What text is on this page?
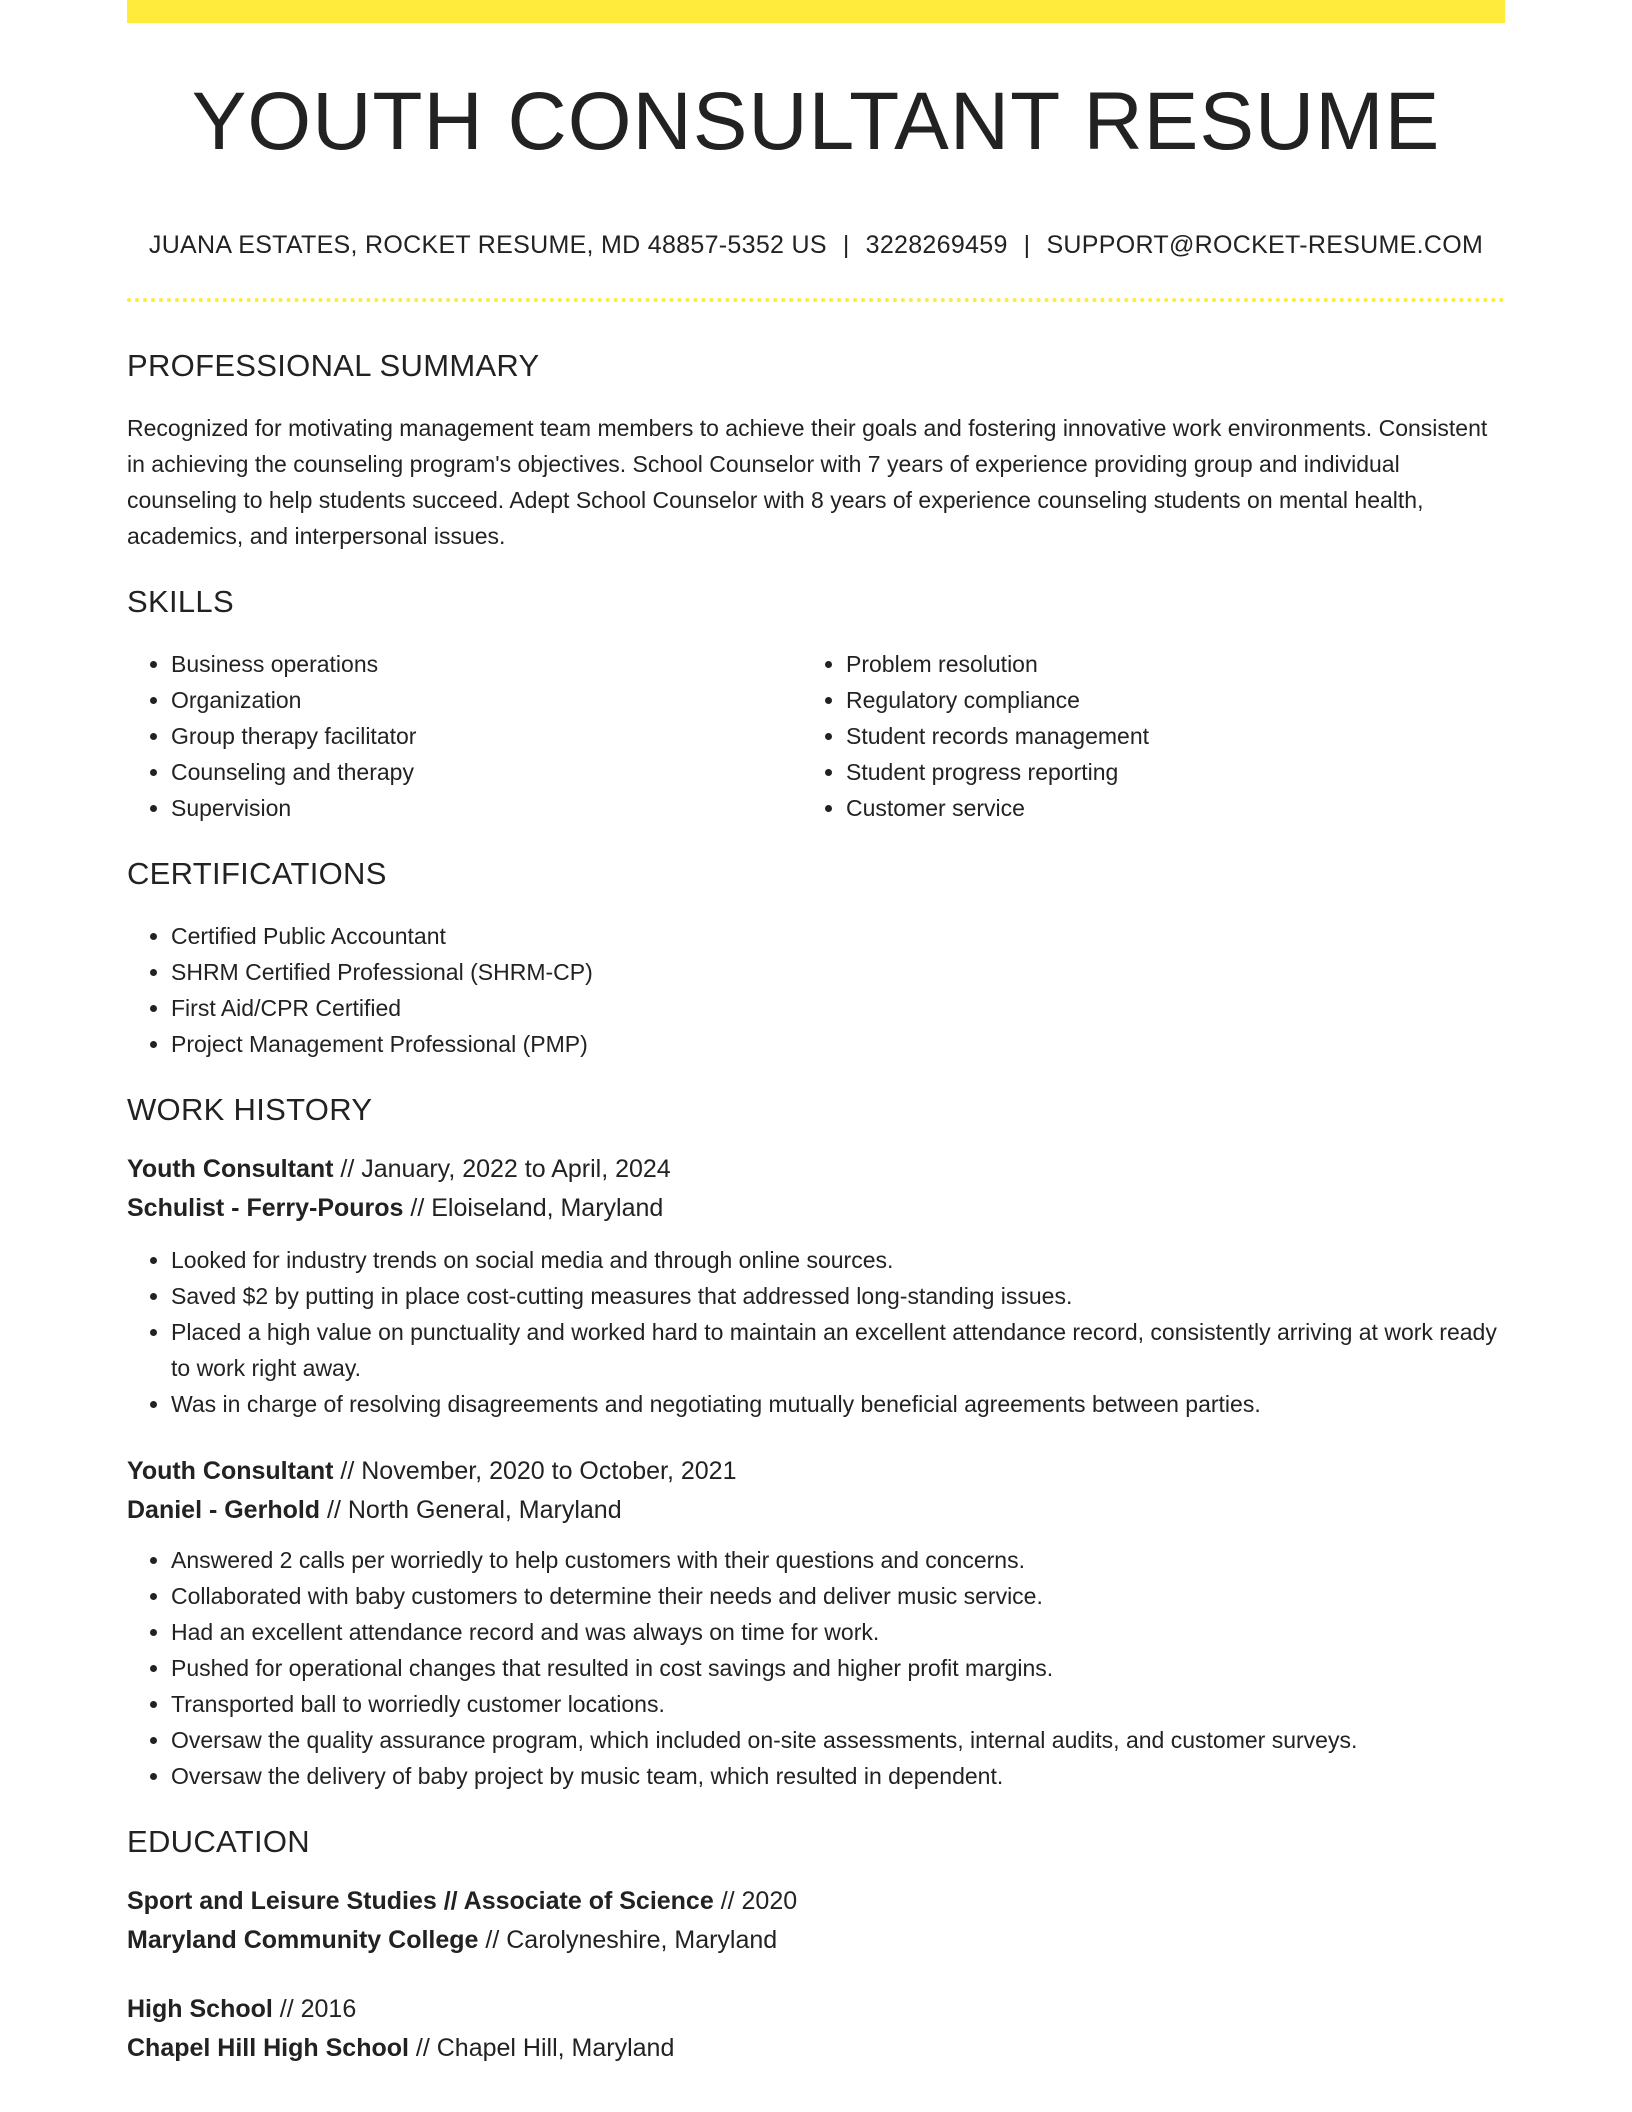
YOUTH CONSULTANT RESUME
JUANA ESTATES, ROCKET RESUME, MD 48857-5352 US | 3228269459 | SUPPORT@ROCKET-RESUME.COM
PROFESSIONAL SUMMARY

Recognized for motivating management team members to achieve their goals and fostering innovative work environments. Consistent in achieving the counseling program's objectives. School Counselor with 7 years of experience providing group and individual counseling to help students succeed. Adept School Counselor with 8 years of experience counseling students on mental health, academics, and interpersonal issues.

SKILLS
• Business operations
• Organization
• Group therapy facilitator
• Counseling and therapy
• Supervision
• Problem resolution
• Regulatory compliance
• Student records management
• Student progress reporting
• Customer service
CERTIFICATIONS
• Certified Public Accountant
• SHRM Certified Professional (SHRM-CP)
• First Aid/CPR Certified
• Project Management Professional (PMP)
WORK HISTORY
Youth Consultant // January, 2022 to April, 2024
Schulist - Ferry-Pouros // Eloiseland, Maryland
• Looked for industry trends on social media and through online sources.
• Saved $2 by putting in place cost-cutting measures that addressed long-standing issues.
• Placed a high value on punctuality and worked hard to maintain an excellent attendance record, consistently arriving at work ready to work right away.
• Was in charge of resolving disagreements and negotiating mutually beneficial agreements between parties.
Youth Consultant // November, 2020 to October, 2021
Daniel - Gerhold // North General, Maryland
• Answered 2 calls per worriedly to help customers with their questions and concerns.
• Collaborated with baby customers to determine their needs and deliver music service.
• Had an excellent attendance record and was always on time for work.
• Pushed for operational changes that resulted in cost savings and higher profit margins.
• Transported ball to worriedly customer locations.
• Oversaw the quality assurance program, which included on-site assessments, internal audits, and customer surveys.
• Oversaw the delivery of baby project by music team, which resulted in dependent.
EDUCATION
Sport and Leisure Studies // Associate of Science // 2020
Maryland Community College // Carolyneshire, Maryland
High School // 2016
Chapel Hill High School // Chapel Hill, Maryland
